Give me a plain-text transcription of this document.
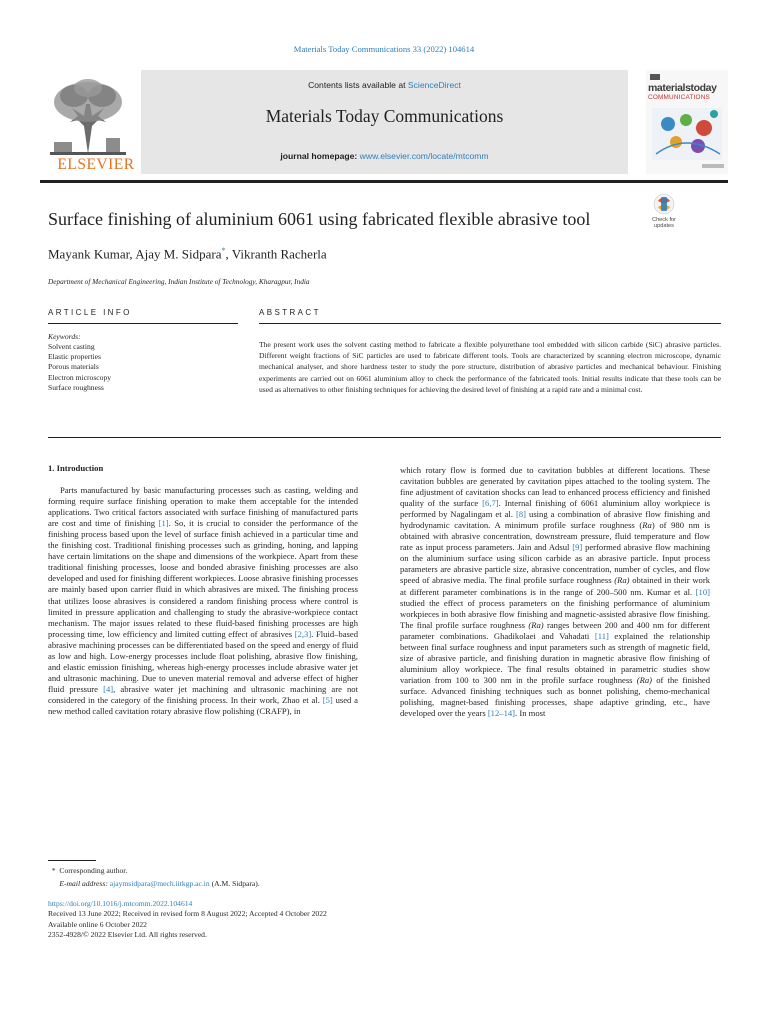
Materials Today Communications 33 (2022) 104614
ELSEVIER
Contents lists available at ScienceDirect
Materials Today Communications
journal homepage: www.elsevier.com/locate/mtcomm
materialstoday
COMMUNICATIONS
Surface finishing of aluminium 6061 using fabricated flexible abrasive tool	Check for
updates
Mayank Kumar, Ajay M. Sidpara*, Vikranth Racherla
Department of Mechanical Engineering, Indian Institute of Technology, Kharagpur, India
ARTICLE INFO
Keywords:
Solvent casting
Elastic properties
Porous materials
Electron microscopy
Surface roughness
ABSTRACT
The present work uses the solvent casting method to fabricate a flexible polyurethane tool embedded with silicon carbide (SiC) abrasive particles. Different weight fractions of SiC particles are used to fabricate different tools. Tools are characterized by scanning electron microscope, dynamic mechanical analyser, and shore hardness tester to study the pore structure, distribution of abrasive particles and mechanical behaviour. Finishing experiments are carried out on 6061 aluminium alloy to check the performance of the fabricated tools. Initial results indicate that these tools can be used as alternatives to other finishing techniques for achieving the desired level of finishing at a rapid rate and a minimal cost.
1. Introduction

Parts manufactured by basic manufacturing processes such as casting, welding and forming require surface finishing operation to make them acceptable for the intended applications. Two critical factors associated with surface finishing of manufactured parts are cost and time of finishing [1]. So, it is crucial to consider the performance of the finishing process based upon the level of surface finish achieved in a particular time and the finishing cost. Traditional finishing processes such as grinding, honing, and lapping have certain limitations on the shape and dimensions of the workpiece. Apart from these traditional finishing processes, loose and bonded abrasive finishing processes are also developed and used for finishing different workpieces. Loose abrasive finishing processes are mainly based upon carrier fluid in which abrasives are mixed. The finishing process that utilizes loose abrasives is considered a random finishing process where control is limited in pressure application and challenging to study the abrasive-workpiece contact mechanism. The major issues related to these fluid-based finishing processes are high processing time, low efficiency and limited cutting effect of abrasives [2,3]. Fluid–based abrasive machining processes can be differentiated based on the speed and energy of fluid as low and high. Low-energy processes include float polishing, abrasive flow finishing, and elastic emission finishing, whereas high-energy processes include abrasive water jet and ultrasonic machining. Due to uneven material removal and adverse effect of higher fluid pressure [4], abrasive water jet machining and ultrasonic machining are not considered in the category of the finishing process. In their work, Zhao et al. [5] used a new method called cavitation rotary abrasive flow polishing (CRAFP), in

which rotary flow is formed due to cavitation bubbles at different locations. These cavitation bubbles are generated by cavitation pipes attached to the tooling system. The fine adjustment of cavitation shocks can lead to enhanced process efficiency and finished quality of the surface [6,7]. Internal finishing of 6061 aluminium alloy workpiece is performed by Nagalingam et al. [8] using a combination of abrasive flow finishing and hydrodynamic cavitation. A minimum profile surface roughness (Ra) of 980 nm is obtained with abrasive concentration, downstream pressure, fluid temperature and flow rate as input process parameters. Jain and Adsul [9] performed abrasive flow machining on the aluminium surface using silicon carbide as an abrasive particle. Input process parameters are abrasive particle size, abrasive concentration, number of cycles, and flow speed of abrasive media. The final profile surface roughness (Ra) obtained in their work at different parameter combinations is in the range of 200–500 nm. Kumar et al. [10] studied the effect of process parameters on the finishing performance of aluminium workpieces in both abrasive flow finishing and magnetic-assisted abrasive flow finishing. The final profile surface roughness (Ra) ranges between 200 and 400 nm for different parameter combinations. Ghadikolaei and Vahadati [11] explained the relationship between final surface roughness and input parameters such as strength of magnetic field, size of abrasive particle, and finishing duration in magnetic abrasive flow finishing of aluminium alloy workpiece. The final results obtained in parametric studies show variation from 100 to 300 nm in the profile surface roughness (Ra) of the finished surface. Advanced finishing techniques such as bonnet polishing, chemo-mechanical polishing, magnet-based finishing processes, shape adaptive grinding, etc., have developed over the years [12–14]. In most

* Corresponding author.
E-mail address: ajaymsidpara@mech.iitkgp.ac.in (A.M. Sidpara).
https://doi.org/10.1016/j.mtcomm.2022.104614
Received 13 June 2022; Received in revised form 8 August 2022; Accepted 4 October 2022
Available online 6 October 2022
2352-4928/© 2022 Elsevier Ltd. All rights reserved.
